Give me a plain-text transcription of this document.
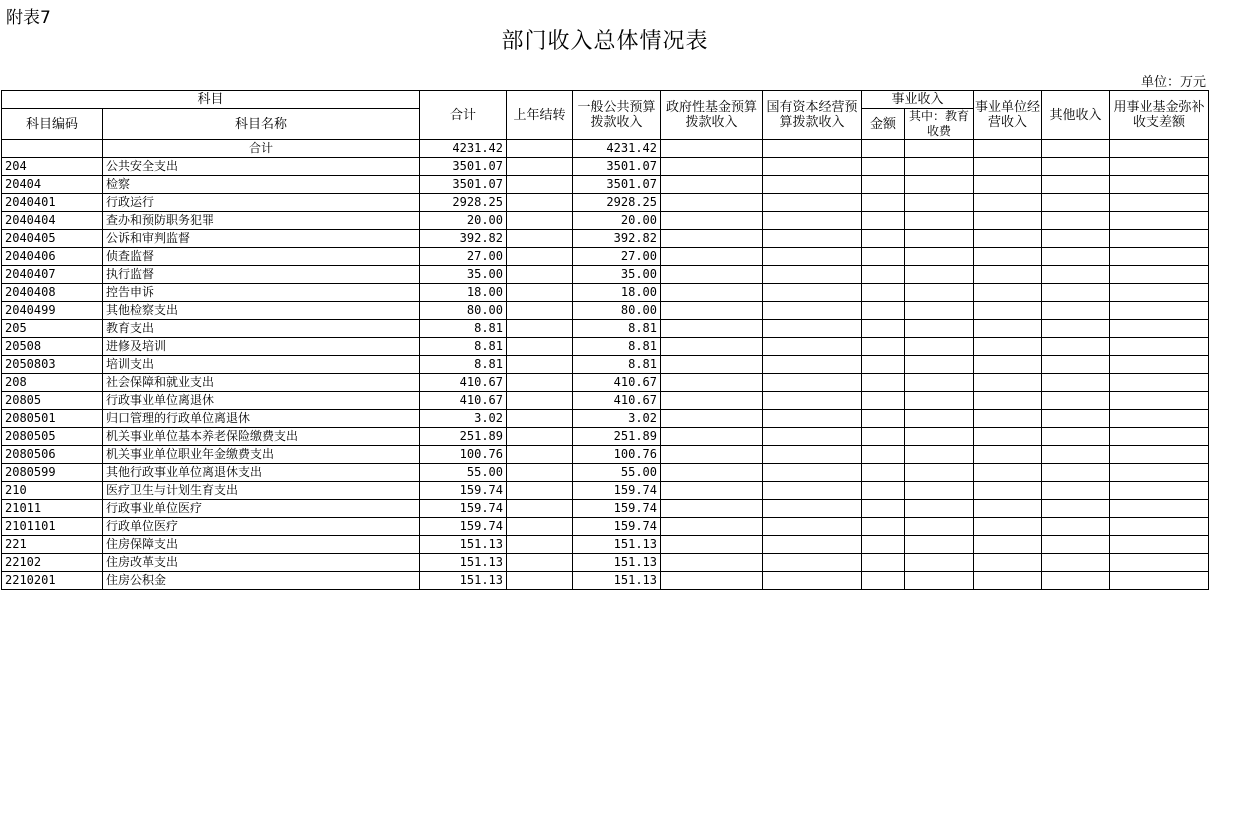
附表7
部门收入总体情况表
单位：万元
科目		合计	上年结转	一般公共预算拨款收入	政府性基金预算拨款收入	国有资本经营预算拨款收入	事业收入		事业单位经营收入	其他收入	用事业基金弥补收支差额
科目编码	科目名称						金额	其中：教育收费			
	合计	4231.42		4231.42							
204	公共安全支出	3501.07		3501.07							
20404	检察	3501.07		3501.07							
2040401	行政运行	2928.25		2928.25							
2040404	查办和预防职务犯罪	20.00		20.00							
2040405	公诉和审判监督	392.82		392.82							
2040406	侦查监督	27.00		27.00							
2040407	执行监督	35.00		35.00							
2040408	控告申诉	18.00		18.00							
2040499	其他检察支出	80.00		80.00							
205	教育支出	8.81		8.81							
20508	进修及培训	8.81		8.81							
2050803	培训支出	8.81		8.81							
208	社会保障和就业支出	410.67		410.67							
20805	行政事业单位离退休	410.67		410.67							
2080501	归口管理的行政单位离退休	3.02		3.02							
2080505	机关事业单位基本养老保险缴费支出	251.89		251.89							
2080506	机关事业单位职业年金缴费支出	100.76		100.76							
2080599	其他行政事业单位离退休支出	55.00		55.00							
210	医疗卫生与计划生育支出	159.74		159.74							
21011	行政事业单位医疗	159.74		159.74							
2101101	行政单位医疗	159.74		159.74							
221	住房保障支出	151.13		151.13							
22102	住房改革支出	151.13		151.13							
2210201	住房公积金	151.13		151.13							
